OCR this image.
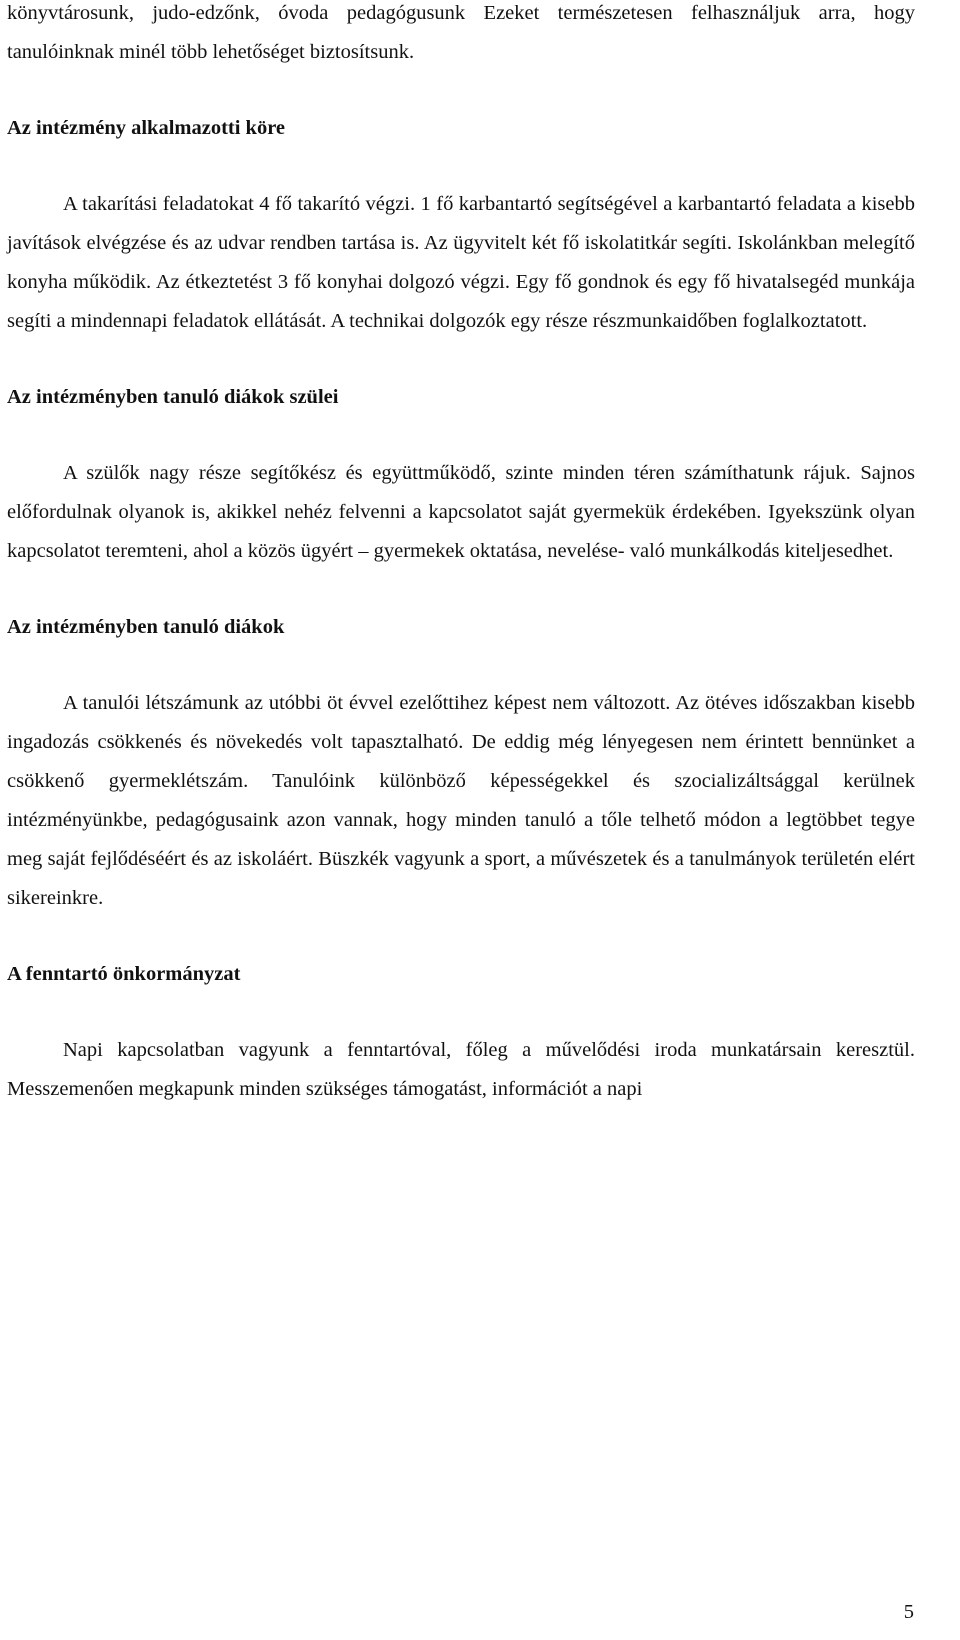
könyvtárosunk, judo-edzőnk, óvoda pedagógusunk Ezeket természetesen felhasználjuk arra, hogy tanulóinknak minél több lehetőséget biztosítsunk.

Az intézmény alkalmazotti köre

A takarítási feladatokat 4 fő takarító végzi. 1 fő karbantartó segítségével a karbantartó feladata a kisebb javítások elvégzése és az udvar rendben tartása is. Az ügyvitelt két fő iskolatitkár segíti. Iskolánkban melegítő konyha működik. Az étkeztetést 3 fő konyhai dolgozó végzi. Egy fő gondnok és egy fő hivatalsegéd munkája segíti a mindennapi feladatok ellátását. A technikai dolgozók egy része részmunkaidőben foglalkoztatott.

Az intézményben tanuló diákok szülei

A szülők nagy része segítőkész és együttműködő, szinte minden téren számíthatunk rájuk. Sajnos előfordulnak olyanok is, akikkel nehéz felvenni a kapcsolatot saját gyermekük érdekében. Igyekszünk olyan kapcsolatot teremteni, ahol a közös ügyért – gyermekek oktatása, nevelése- való munkálkodás kiteljesedhet.

Az intézményben tanuló diákok

A tanulói létszámunk az utóbbi öt évvel ezelőttihez képest nem változott. Az ötéves időszakban kisebb ingadozás csökkenés és növekedés volt tapasztalható. De eddig még lényegesen nem érintett bennünket a csökkenő gyermeklétszám. Tanulóink különböző képességekkel és szocializáltsággal kerülnek intézményünkbe, pedagógusaink azon vannak, hogy minden tanuló a tőle telhető módon a legtöbbet tegye meg saját fejlődéséért és az iskoláért. Büszkék vagyunk a sport, a művészetek és a tanulmányok területén elért sikereinkre.

A fenntartó önkormányzat

Napi kapcsolatban vagyunk a fenntartóval, főleg a művelődési iroda munkatársain keresztül. Messzemenően megkapunk minden szükséges támogatást, információt a napi

5
